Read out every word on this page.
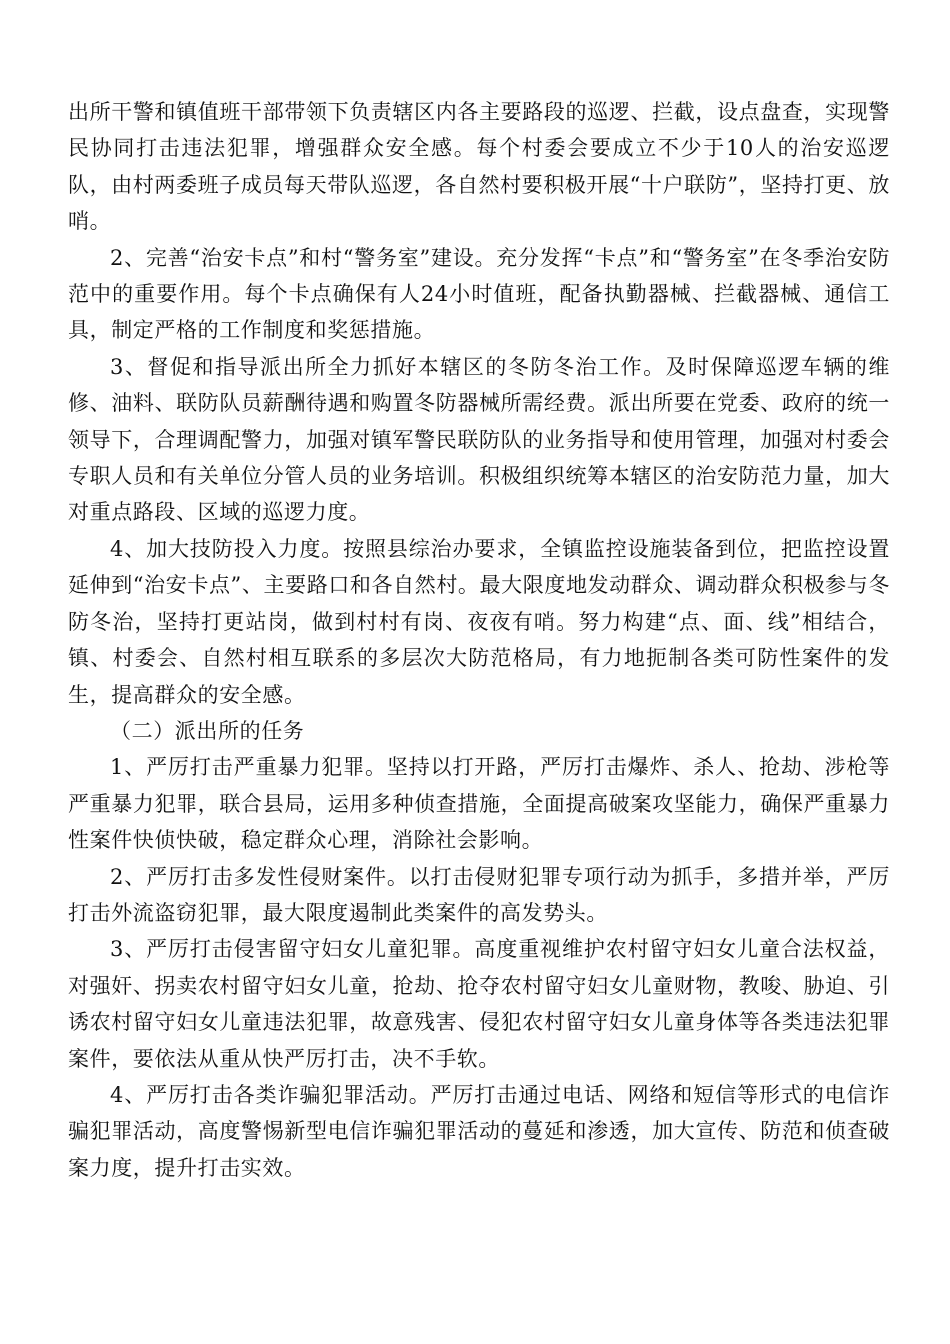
出所干警和镇值班干部带领下负责辖区内各主要路段的巡逻、拦截，设点盘查，实现警民协同打击违法犯罪，增强群众安全感。每个村委会要成立不少于10人的治安巡逻队，由村两委班子成员每天带队巡逻，各自然村要积极开展“十户联防”，坚持打更、放哨。

2、完善“治安卡点”和村“警务室”建设。充分发挥“卡点”和“警务室”在冬季治安防范中的重要作用。每个卡点确保有人24小时值班，配备执勤器械、拦截器械、通信工具，制定严格的工作制度和奖惩措施。

3、督促和指导派出所全力抓好本辖区的冬防冬治工作。及时保障巡逻车辆的维修、油料、联防队员薪酬待遇和购置冬防器械所需经费。派出所要在党委、政府的统一领导下，合理调配警力，加强对镇军警民联防队的业务指导和使用管理，加强对村委会专职人员和有关单位分管人员的业务培训。积极组织统筹本辖区的治安防范力量，加大对重点路段、区域的巡逻力度。

4、加大技防投入力度。按照县综治办要求，全镇监控设施装备到位，把监控设置延伸到“治安卡点”、主要路口和各自然村。最大限度地发动群众、调动群众积极参与冬防冬治，坚持打更站岗，做到村村有岗、夜夜有哨。努力构建“点、面、线”相结合，镇、村委会、自然村相互联系的多层次大防范格局，有力地扼制各类可防性案件的发生，提高群众的安全感。

（二）派出所的任务

1、严厉打击严重暴力犯罪。坚持以打开路，严厉打击爆炸、杀人、抢劫、涉枪等严重暴力犯罪，联合县局，运用多种侦查措施，全面提高破案攻坚能力，确保严重暴力性案件快侦快破，稳定群众心理，消除社会影响。

2、严厉打击多发性侵财案件。以打击侵财犯罪专项行动为抓手，多措并举，严厉打击外流盗窃犯罪，最大限度遏制此类案件的高发势头。

3、严厉打击侵害留守妇女儿童犯罪。高度重视维护农村留守妇女儿童合法权益，对强奸、拐卖农村留守妇女儿童，抢劫、抢夺农村留守妇女儿童财物，教唆、胁迫、引诱农村留守妇女儿童违法犯罪，故意残害、侵犯农村留守妇女儿童身体等各类违法犯罪案件，要依法从重从快严厉打击，决不手软。

4、严厉打击各类诈骗犯罪活动。严厉打击通过电话、网络和短信等形式的电信诈骗犯罪活动，高度警惕新型电信诈骗犯罪活动的蔓延和渗透，加大宣传、防范和侦查破案力度，提升打击实效。
